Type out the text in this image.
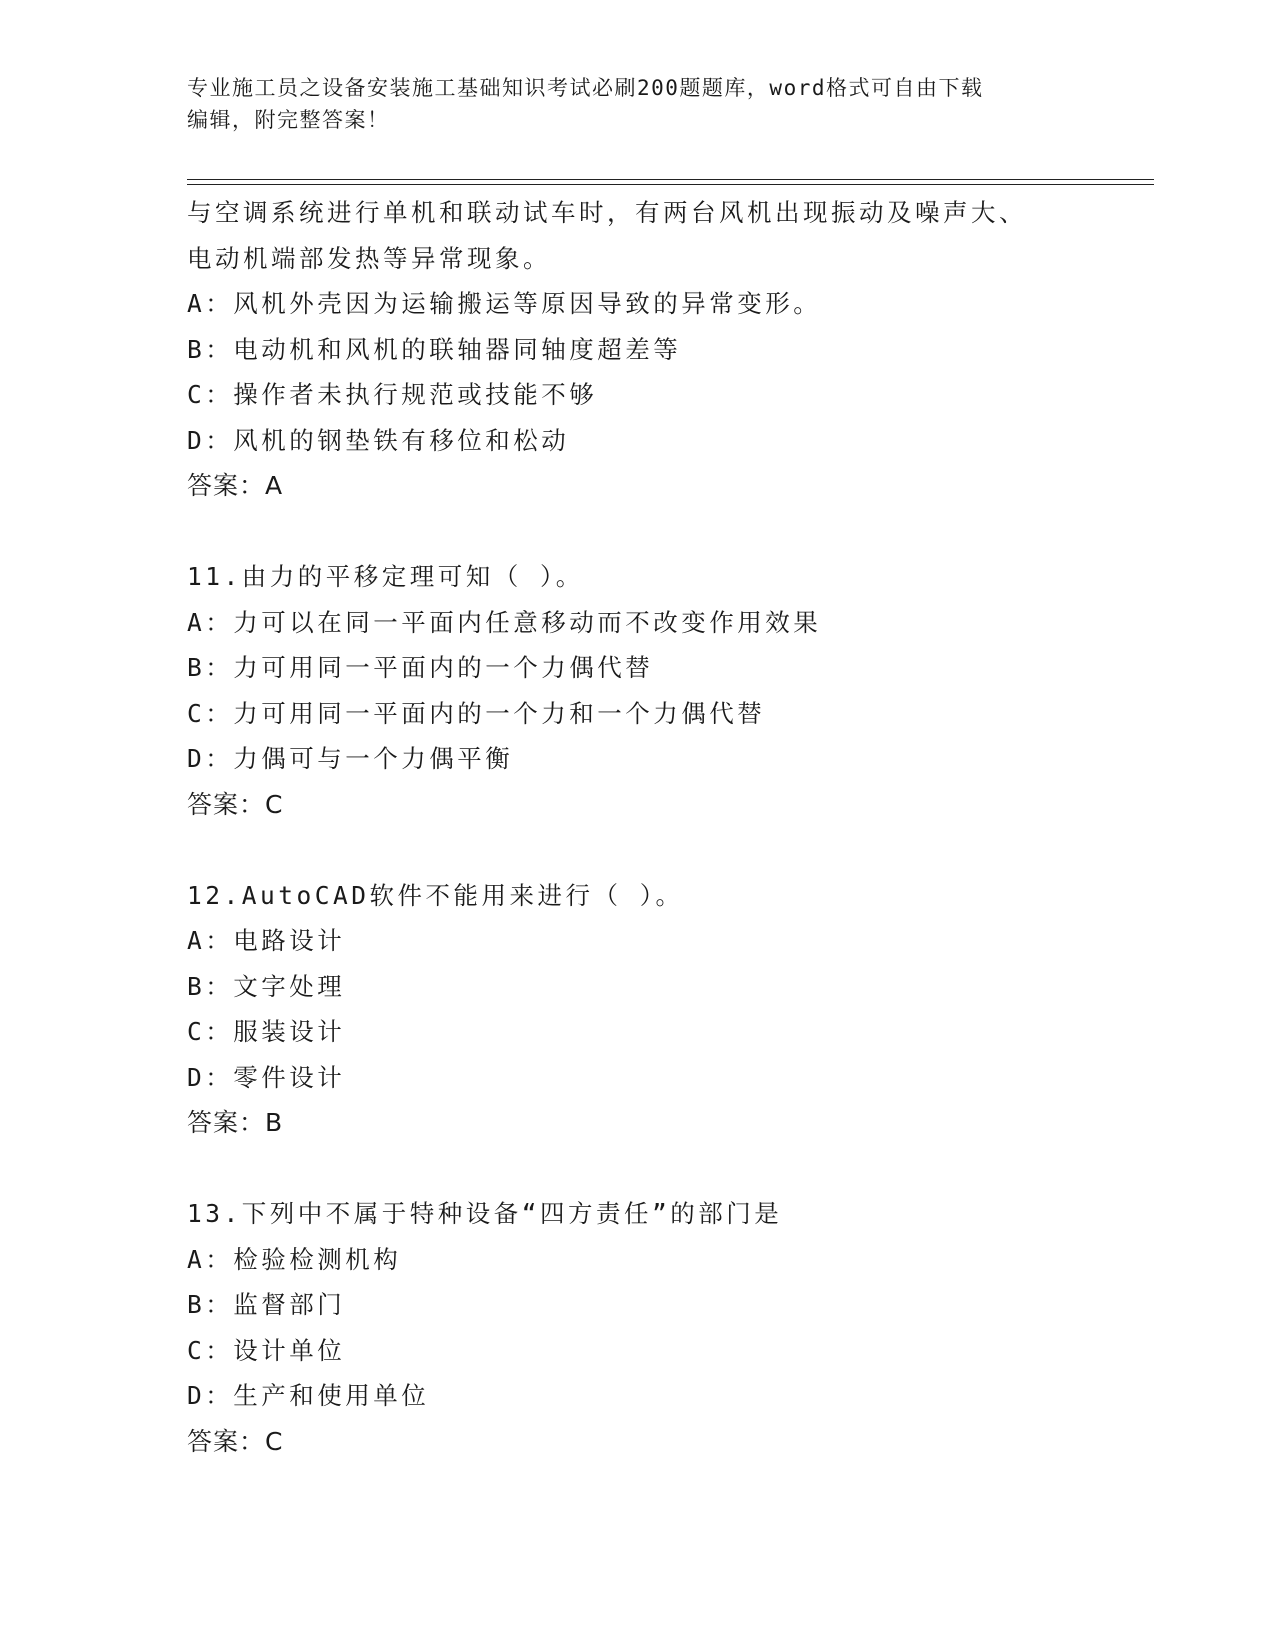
专业施工员之设备安装施工基础知识考试必刷200题题库，word格式可自由下载
编辑，附完整答案！
与空调系统进行单机和联动试车时，有两台风机出现振动及噪声大、
电动机端部发热等异常现象。
A：风机外壳因为运输搬运等原因导致的异常变形。
B：电动机和风机的联轴器同轴度超差等
C：操作者未执行规范或技能不够
D：风机的钢垫铁有移位和松动
答案：A
11.由力的平移定理可知（ ）。
A：力可以在同一平面内任意移动而不改变作用效果
B：力可用同一平面内的一个力偶代替
C：力可用同一平面内的一个力和一个力偶代替
D：力偶可与一个力偶平衡
答案：C
12.AutoCAD软件不能用来进行（ ）。
A：电路设计
B：文字处理
C：服装设计
D：零件设计
答案：B
13.下列中不属于特种设备“四方责任”的部门是
A：检验检测机构
B：监督部门
C：设计单位
D：生产和使用单位
答案：C
